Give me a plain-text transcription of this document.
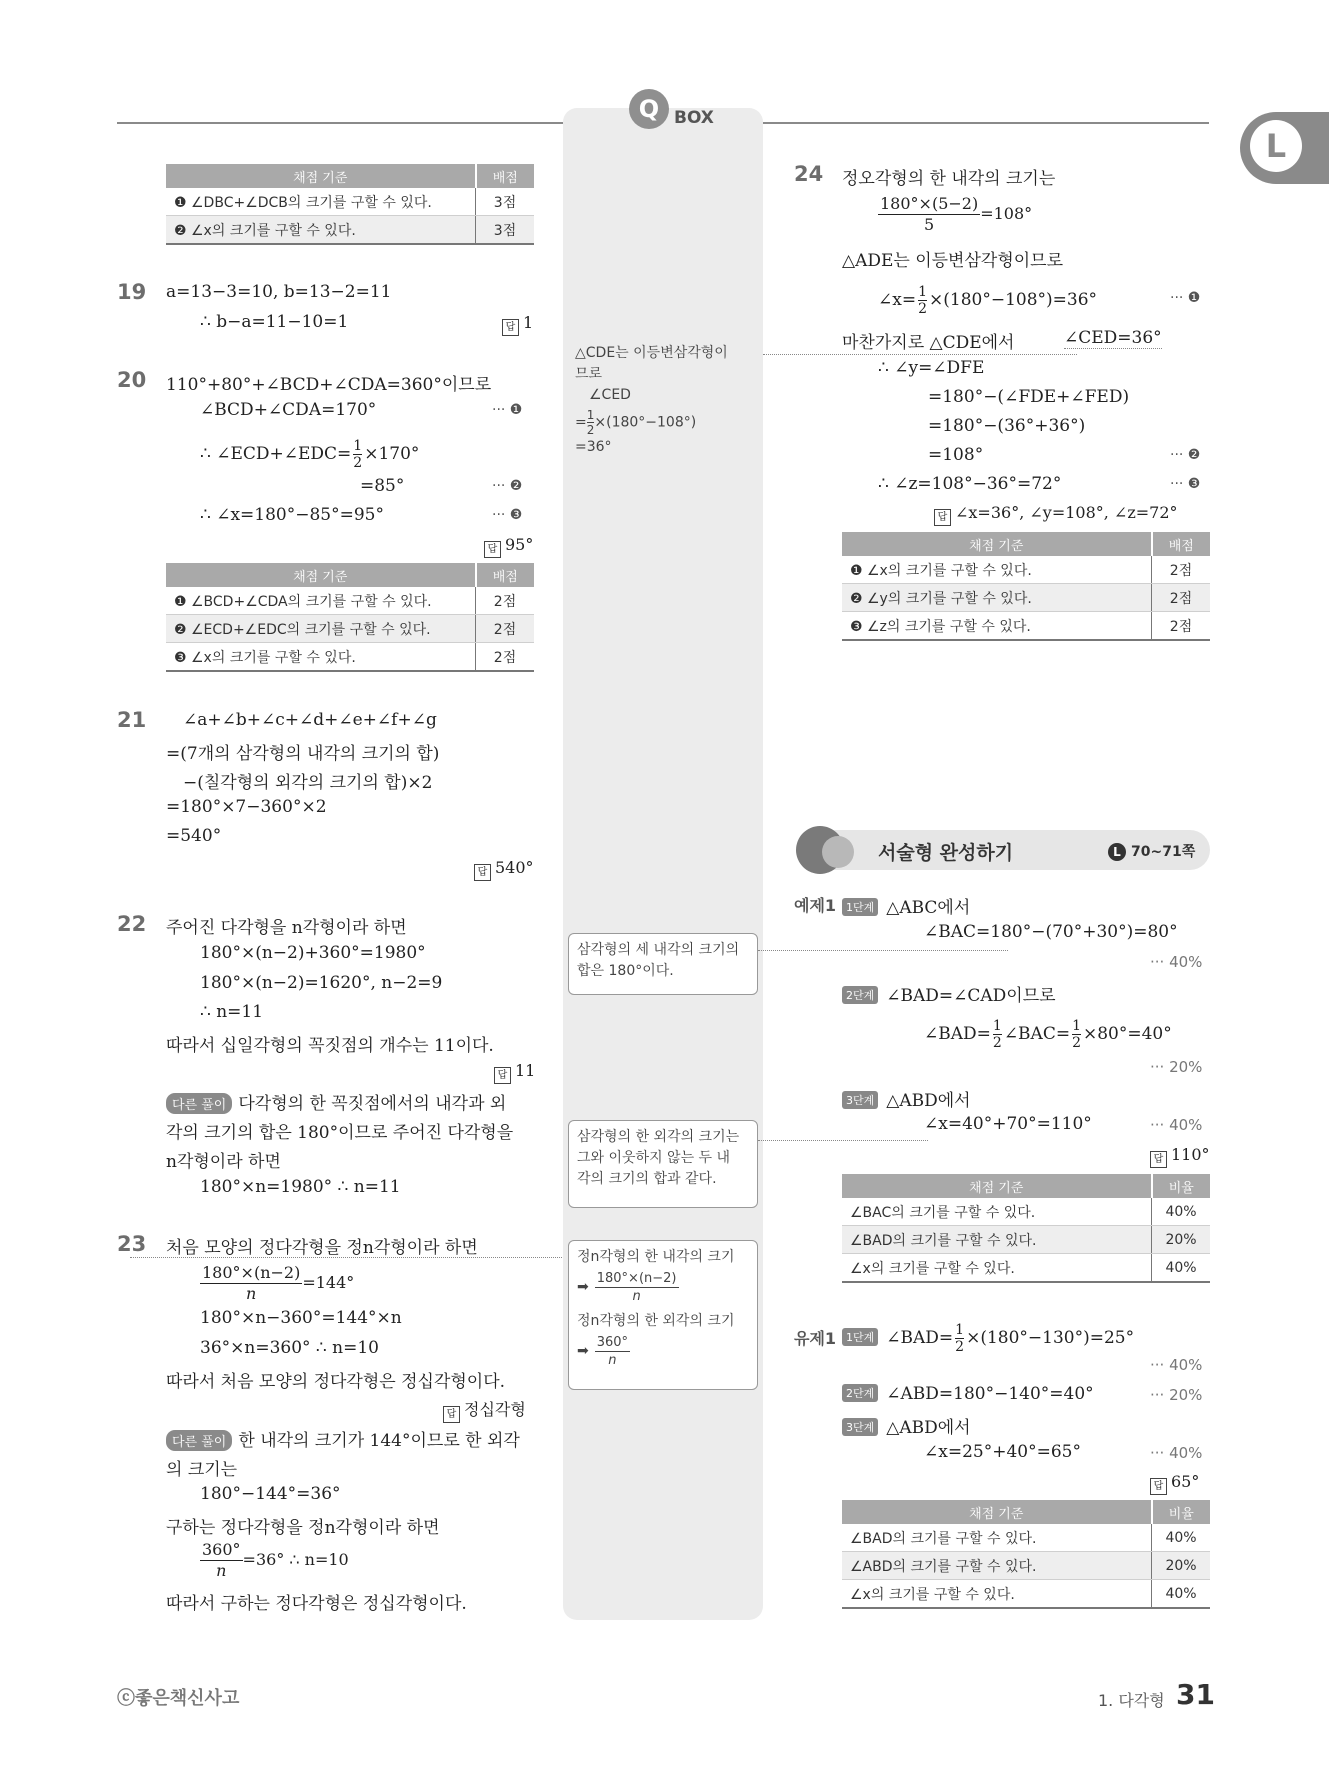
Q BOX
L
채점 기준	배점
❶ ∠DBC+∠DCB의 크기를 구할 수 있다.	3점
❷ ∠x의 크기를 구할 수 있다.	3점
19 a=13−3=10, b=13−2=11
∴ b−a=11−10=1	답 1
20 110°+80°+∠BCD+∠CDA=360°이므로
∠BCD+∠CDA=170°	··· ❶
∴ ∠ECD+∠EDC= $\frac{1}{2} \times 170^\circ$
=85°	··· ❷
∴ ∠x=180°−85°=95°	··· ❸
답 95°
채점 기준	배점
❶ ∠BCD+∠CDA의 크기를 구할 수 있다.	2점
❷ ∠ECD+∠EDC의 크기를 구할 수 있다.	2점
❸ ∠x의 크기를 구할 수 있다.	2점
21 ∠a+∠b+∠c+∠d+∠e+∠f+∠g
=(7개의 삼각형의 내각의 크기의 합)
−(칠각형의 외각의 크기의 합)×2
=180°×7−360°×2
=540°
답 540°
22 주어진 다각형을 n각형이라 하면
180°×(n−2)+360°=1980°
180°×(n−2)=1620°, n−2=9
∴ n=11
따라서 십일각형의 꼭짓점의 개수는 11이다.
답 11
다른 풀이 다각형의 한 꼭짓점에서의 내각과 외
각의 크기의 합은 180°이므로 주어진 다각형을
n각형이라 하면
180°×n=1980° ∴ n=11
23 처음 모양의 정다각형을 정n각형이라 하면
$\frac{180^\circ\times(n-2)}{n} =144^\circ$
180°×n−360°=144°×n
36°×n=360° ∴ n=10
따라서 처음 모양의 정다각형은 정십각형이다.
답 정십각형
다른 풀이 한 내각의 크기가 144°이므로 한 외각
의 크기는
180°−144°=36°
구하는 정다각형을 정n각형이라 하면
$\frac{360^\circ}{n} =36^\circ$ ∴ n=10
따라서 구하는 정다각형은 정십각형이다.
△CDE는 이등변삼각형이
므로
∠CED
= $\frac{1}{2} \times(180^\circ-108^\circ)$
=36°
삼각형의 세 내각의 크기의
합은 180°이다.
삼각형의 한 외각의 크기는
그와 이웃하지 않는 두 내
각의 크기의 합과 같다.
정n각형의 한 내각의 크기
➡ $\frac{180^\circ\times(n-2)}{n}$
정n각형의 한 외각의 크기
➡ $\frac{360^\circ}{n}$
24 정오각형의 한 내각의 크기는
$\frac{180^\circ\times(5-2)}{5} =108^\circ$
△ADE는 이등변삼각형이므로
∠x= $\frac{1}{2} \times(180^\circ-108^\circ)=36^\circ$	··· ❶
마찬가지로 △CDE에서	∠CED=36°
∴ ∠y=∠DFE
=180°−(∠FDE+∠FED)
=180°−(36°+36°)
=108°	··· ❷
∴ ∠z=108°−36°=72°	··· ❸
답 ∠x=36°, ∠y=108°, ∠z=72°
채점 기준	배점
❶ ∠x의 크기를 구할 수 있다.	2점
❷ ∠y의 크기를 구할 수 있다.	2점
❸ ∠z의 크기를 구할 수 있다.	2점
서술형 완성하기	L 70~71쪽
예제1 1단계 △ABC에서
∠BAC=180°−(70°+30°)=80°
··· 40%
2단계 ∠BAD=∠CAD이므로
∠BAD= $\frac{1}{2}$ ∠BAC= $\frac{1}{2} \times 80^\circ=40^\circ$
··· 20%
3단계 △ABD에서
∠x=40°+70°=110°	··· 40%
답 110°
채점 기준	비율
∠BAC의 크기를 구할 수 있다.	40%
∠BAD의 크기를 구할 수 있다.	20%
∠x의 크기를 구할 수 있다.	40%
유제1 1단계 ∠BAD= $\frac{1}{2} \times(180^\circ-130^\circ)=25^\circ$
··· 40%
2단계 ∠ABD=180°−140°=40°	··· 20%
3단계 △ABD에서
∠x=25°+40°=65°	··· 40%
답 65°
채점 기준	비율
∠BAD의 크기를 구할 수 있다.	40%
∠ABD의 크기를 구할 수 있다.	20%
∠x의 크기를 구할 수 있다.	40%
ⓒ좋은책신사고	1. 다각형 31
